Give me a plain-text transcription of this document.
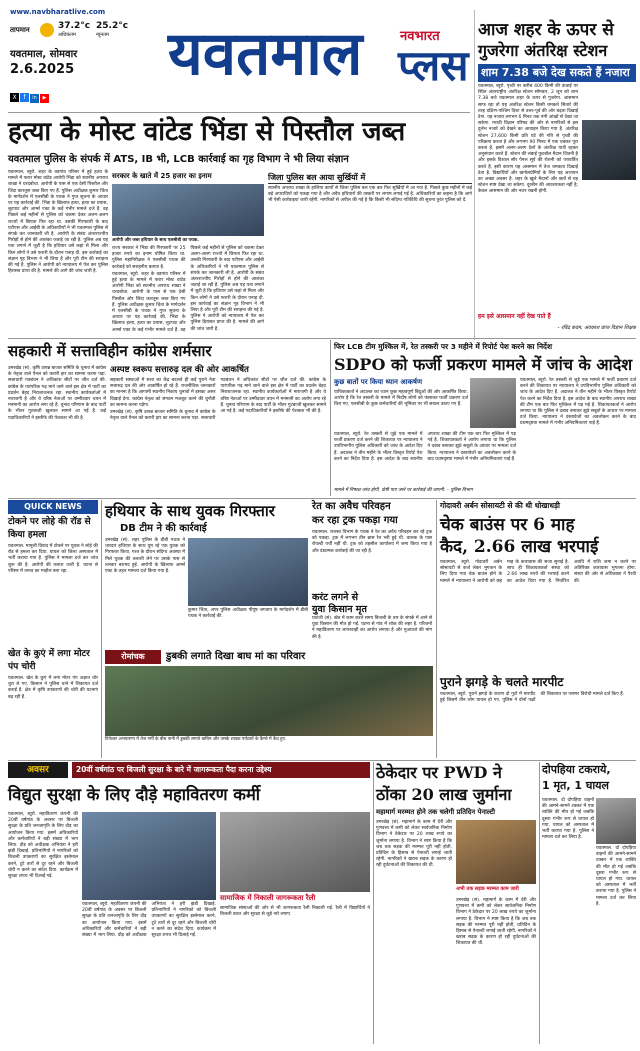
www.navbharatlive.com
तापमान	37.2°c
अधिकतम
25.2°c
न्यूनतम
यवतमाल, सोमवार
2.6.2025
X f in ▶
यवतमाल	नवभारत
प्लस
आज शहर के ऊपर से
गुजरेगा अंतरिक्ष स्टेशन
शाम 7.38 बजे देख सकते हैं नजारा

यवतमाल, ब्यूरो. पृथ्वी पर करीब 400 किमी की ऊंचाई पर स्थित अंतरराष्ट्रीय अंतरिक्ष स्टेशन सोमवार, 2 जून को शाम 7.38 बजे यवतमाल शहर के ऊपर से गुजरेगा. आसमान साफ रहा तो यह अंतरिक्ष स्टेशन किसी चमकते सितारे की तरह दक्षिण-पश्चिम दिशा से उत्तर-पूर्व की ओर बढ़ता दिखाई देगा. यह नजारा लगभग 6 मिनट तक नंगी आंखों से देखा जा सकेगा. मराठी विज्ञान परिषद की ओर से नागरिकों से इस दुर्लभ नजारे को देखने का आवाहन किया गया है. अंतरिक्ष स्टेशन 27,600 किमी प्रति घंटे की गति से पृथ्वी की परिक्रमा करता है और लगभग 90 मिनट में एक चक्कर पूरा करता है. इसमें अलग-अलग देशों के अंतरिक्ष यात्री रहकर अनुसंधान करते हैं. स्टेशन की लंबाई फुटबॉल मैदान जितनी है और इसके विशाल सौर पैनल सूर्य की रोशनी को परावर्तित करते हैं, इसी कारण यह आसमान में तेज चमकता दिखाई देता है. विद्यार्थियों और खगोलप्रेमियों के लिए यह अध्ययन का अच्छा अवसर है. शहर के खुले मैदानों और छतों से यह स्टेशन स्पष्ट देखा जा सकेगा. दूरबीन की आवश्यकता नहीं है, केवल आसमान की ओर नजर रखनी होगी.

हम इसे आसमान नहीं देख पाते हैं
- रविंद्र कदम, अवकाश प्राप्त विज्ञान शिक्षक
हत्या के मोस्ट वांटेड भिंडा से पिस्तौल जब्त
यवतमाल पुलिस के संपर्क में ATS, IB भी, LCB कार्रवाई का गृह विभाग ने भी लिया संज्ञान

यवतमाल, ब्यूरो. शहर के वडगांव परिसर में हुई हत्या के मामले में फरार मोस्ट वांटेड आरोपी भिंडा को स्थानीय अपराध शाखा ने धरदबोचा. आरोपी के पास से एक देसी पिस्तौल और जिंदा कारतूस जब्त किए गए हैं. पुलिस अधीक्षक कुमार चिंता के मार्गदर्शन में एलसीबी के पथक ने गुप्त सूचना के आधार पर यह कार्रवाई की. भिंडा के खिलाफ हत्या, हत्या का प्रयास, लूटपाट और आर्म्स एक्ट के कई गंभीर मामले दर्ज हैं. वह पिछले कई महीनों से पुलिस को चकमा देकर अलग-अलग राज्यों में छिपता फिर रहा था. उसकी गिरफ्तारी के बाद एटीएस और आईबी के अधिकारियों ने भी यवतमाल पुलिस से संपर्क कर जानकारी ली है. आरोपी के संबंध अंतरराज्यीय गिरोहों से होने की आशंका जताई जा रही है. पुलिस अब यह पता लगाने में जुटी है कि हथियार उसे कहां से मिला और किन लोगों ने उसे फरारी के दौरान पनाह दी. इस कार्रवाई का संज्ञान गृह विभाग ने भी लिया है और पूरी टीम की सराहना की गई है. पुलिस ने आरोपी को न्यायालय में पेश कर पुलिस हिरासत प्राप्त की है. मामले की आगे की जांच जारी है.

सरकार के खाते में 25 हजार का इनाम
आरोपी और जब्त हथियार के साथ एलसीबी का पथक.

राज्य सरकार ने भिंडा की गिरफ्तारी पर 25 हजार रुपये का इनाम घोषित किया था. पुलिस महानिरीक्षक ने एलसीबी पथक की कार्रवाई को सराहनीय बताया है.

यवतमाल, ब्यूरो. शहर के वडगांव परिसर में हुई हत्या के मामले में फरार मोस्ट वांटेड आरोपी भिंडा को स्थानीय अपराध शाखा ने धरदबोचा. आरोपी के पास से एक देसी पिस्तौल और जिंदा कारतूस जब्त किए गए हैं. पुलिस अधीक्षक कुमार चिंता के मार्गदर्शन में एलसीबी के पथक ने गुप्त सूचना के आधार पर यह कार्रवाई की. भिंडा के खिलाफ हत्या, हत्या का प्रयास, लूटपाट और आर्म्स एक्ट के कई गंभीर मामले दर्ज हैं. वह पिछले कई महीनों से पुलिस को चकमा देकर अलग-अलग राज्यों में छिपता फिर रहा था. उसकी गिरफ्तारी के बाद एटीएस और आईबी के अधिकारियों ने भी यवतमाल पुलिस से संपर्क कर जानकारी ली है. आरोपी के संबंध अंतरराज्यीय गिरोहों से होने की आशंका जताई जा रही है. पुलिस अब यह पता लगाने में जुटी है कि हथियार उसे कहां से मिला और किन लोगों ने उसे फरारी के दौरान पनाह दी. इस कार्रवाई का संज्ञान गृह विभाग ने भी लिया है और पूरी टीम की सराहना की गई है. पुलिस ने आरोपी को न्यायालय में पेश कर पुलिस हिरासत प्राप्त की है. मामले की आगे की जांच जारी है.

जिला पुलिस बल आया सुर्खियों में

स्थानीय अपराध शाखा के हालिया कार्यों से जिला पुलिस बल एक बार फिर सुर्खियों में आ गया है. पिछले कुछ महीनों में कई बड़े अपराधियों को पकड़ा गया है और अवैध हथियारों की तस्करी पर लगाम लगाई गई है. अधिकारियों का कहना है कि आगे भी ऐसी कार्रवाइयां जारी रहेंगी. नागरिकों से अपील की गई है कि किसी भी संदिग्ध गतिविधि की सूचना तुरंत पुलिस को दें.

सहकारी में सत्ताविहीन कांग्रेस शर्मसार

उमरखेड़ (सं). कृषि उत्पन्न बाजार समिति के चुनाव में कांग्रेस के नेतृत्व वाले पैनल को करारी हार का सामना करना पड़ा. सत्ताधारी गठबंधन ने अधिकांश सीटों पर जीत दर्ज की. कांग्रेस के पारंपरिक गढ़ माने जाने वाले इस क्षेत्र में पार्टी का प्रदर्शन बेहद निराशाजनक रहा. स्थानीय कार्यकर्ताओं में नाराजगी है और वे वरिष्ठ नेताओं पर उम्मीदवार चयन में मनमानी का आरोप लगा रहे हैं. चुनाव परिणाम के बाद पार्टी के भीतर गुटबाजी खुलकर सामने आ गई है. कई पदाधिकारियों ने इस्तीफे की पेशकश भी की है.

अस्पष्ट स्वरूप सत्तारुढ़ दल की ओर आकर्षित

सहकारी संस्थाओं में सत्ता का केंद्र बदलते ही कई पुराने नेता सत्तारुढ़ दल की ओर आकर्षित हो रहे हैं. राजनीतिक जानकारों का मानना है कि आगामी स्थानीय निकाय चुनावों में इसका असर दिखाई देगा. कांग्रेस नेतृत्व को संगठन मजबूत करने की चुनौती का सामना करना पड़ेगा.

उमरखेड़ (सं). कृषि उत्पन्न बाजार समिति के चुनाव में कांग्रेस के नेतृत्व वाले पैनल को करारी हार का सामना करना पड़ा. सत्ताधारी गठबंधन ने अधिकांश सीटों पर जीत दर्ज की. कांग्रेस के पारंपरिक गढ़ माने जाने वाले इस क्षेत्र में पार्टी का प्रदर्शन बेहद निराशाजनक रहा. स्थानीय कार्यकर्ताओं में नाराजगी है और वे वरिष्ठ नेताओं पर उम्मीदवार चयन में मनमानी का आरोप लगा रहे हैं. चुनाव परिणाम के बाद पार्टी के भीतर गुटबाजी खुलकर सामने आ गई है. कई पदाधिकारियों ने इस्तीफे की पेशकश भी की है.

फिर LCB टीम मुश्किल में, रेत तस्करी पर 3 महीने में रिपोर्ट पेश करने का निर्देश
SDPO को फर्जी प्रकरण मामले में जांच के आदेश
कुछ बातों पर किया ध्यान आकर्षण

याचिकाकर्ता ने अदालत का ध्यान कुछ महत्वपूर्ण बिंदुओं की ओर आकर्षित किया. आरोप है कि रेत तस्करी के मामले में निर्दोष लोगों को फंसाकर फर्जी प्रकरण दर्ज किए गए. एलसीबी के कुछ कर्मचारियों की भूमिका पर भी सवाल उठाए गए हैं.

यवतमाल, ब्यूरो. रेत तस्करी से जुड़े एक मामले में फर्जी प्रकरण दर्ज करने की शिकायत पर न्यायालय ने उपविभागीय पुलिस अधिकारी को जांच के आदेश दिए हैं. अदालत ने तीन महीने के भीतर विस्तृत रिपोर्ट पेश करने का निर्देश दिया है. इस आदेश के बाद स्थानीय अपराध शाखा की टीम एक बार फिर मुश्किल में पड़ गई है. शिकायतकर्ता ने आरोप लगाया था कि पुलिस ने दबाव बनाकर झूठे सबूतों के आधार पर मामला दर्ज किया. न्यायालय ने दस्तावेजों का अवलोकन करने के बाद प्रथमदृष्टया मामले में गंभीर अनियमितताएं पाई हैं.

यवतमाल, ब्यूरो. रेत तस्करी से जुड़े एक मामले में फर्जी प्रकरण दर्ज करने की शिकायत पर न्यायालय ने उपविभागीय पुलिस अधिकारी को जांच के आदेश दिए हैं. अदालत ने तीन महीने के भीतर विस्तृत रिपोर्ट पेश करने का निर्देश दिया है. इस आदेश के बाद स्थानीय अपराध शाखा की टीम एक बार फिर मुश्किल में पड़ गई है. शिकायतकर्ता ने आरोप लगाया था कि पुलिस ने दबाव बनाकर झूठे सबूतों के आधार पर मामला दर्ज किया. न्यायालय ने दस्तावेजों का अवलोकन करने के बाद प्रथमदृष्टया मामले में गंभीर अनियमितताएं पाई हैं.

मामले में निष्पक्ष जांच होगी, दोषी पाए जाने पर कार्रवाई की जाएगी. – पुलिस विभाग
QUICK NEWS
टोकने पर लोहे की रॉड से किया हमला

यवतमाल. मामूली विवाद में टोकने पर युवक ने लोहे की रॉड से हमला कर दिया. घायल को जिला अस्पताल में भर्ती कराया गया है. पुलिस ने मामला दर्ज कर जांच शुरू की है. आरोपी की तलाश जारी है. घटना से परिसर में तनाव का माहौल बना रहा.

खेत के कुएं में लगा मोटर पंप चोरी

यवतमाल. खेत के कुएं में लगा मोटर पंप अज्ञात चोर चुरा ले गए. किसान ने पुलिस थाने में शिकायत दर्ज कराई है. क्षेत्र में कृषि उपकरणों की चोरी की घटनाएं बढ़ रही हैं.

हथियार के साथ युवक गिरफ्तार
DB टीम ने की कार्रवाई

उमरखेड़ (सं). शहर पुलिस के डीबी पथक ने धारदार हथियार के साथ घूम रहे एक युवक को गिरफ्तार किया. गश्त के दौरान संदिग्ध अवस्था में मिले युवक की तलाशी लेने पर उसके पास से तलवार बरामद हुई. आरोपी के खिलाफ आर्म्स एक्ट के तहत मामला दर्ज किया गया है.

कुमार चिंता, अपर पुलिस अधीक्षक पीयूष जगताप के मार्गदर्शन में डीबी पथक ने कार्रवाई की.

रेत का अवैध परिवहन
कर रहा ट्रक पकड़ा गया

यवतमाल. राजस्व विभाग के पथक ने रेत का अवैध परिवहन कर रहे ट्रक को पकड़ा. ट्रक में लगभग तीन ब्रास रेत भरी हुई थी. चालक के पास रॉयल्टी पर्ची नहीं थी. ट्रक को तहसील कार्यालय में जमा किया गया है और दंडात्मक कार्रवाई की जा रही है.

रोमांचक	डुबकी लगाते दिखा बाघ मां का परिवार
टिपेश्वर अभयारण्य में तेज गर्मी के बीच पानी में डुबकी लगाते बाघिन और उसके शावक पर्यटकों के कैमरे में कैद हुए.
गोदावरी अर्बन सोसायटी से की थी धोखाधड़ी
चेक बाउंस पर 6 माह
कैद, 2.66 लाख भरपाई

यवतमाल, ब्यूरो. गोदावरी अर्बन सोसायटी से कर्ज लेकर भुगतान के लिए दिया गया चेक बाउंस होने के मामले में न्यायालय ने आरोपी को छह माह के कारावास की सजा सुनाई है. साथ ही शिकायतकर्ता संस्था को 2.66 लाख रुपये की भरपाई करने का आदेश दिया गया है. निर्धारित अवधि में राशि जमा न करने पर अतिरिक्त कारावास भुगतना होगा. संस्था की ओर से अधिवक्ता ने पैरवी की.

पुराने झगड़े के चलते मारपीट

यवतमाल, ब्यूरो. पुराने झगड़े के कारण दो गुटों में मारपीट हुई जिसमें तीन लोग घायल हो गए. पुलिस ने दोनों पक्षों की शिकायत पर परस्पर विरोधी मामले दर्ज किए हैं.

अवसर	20वीं वर्षगांठ पर बिजली सुरक्षा के बारे में जागरूकता पैदा करना उद्देश्य
विद्युत सुरक्षा के लिए दौड़े महावितरण कर्मी

यवतमाल, ब्यूरो. महावितरण कंपनी की 20वीं वर्षगांठ के अवसर पर बिजली सुरक्षा के प्रति जनजागृति के लिए दौड़ का आयोजन किया गया. इसमें अधिकारियों और कर्मचारियों ने बड़ी संख्या में भाग लिया. दौड़ को अधीक्षक अभियंता ने हरी झंडी दिखाई. प्रतिभागियों ने नागरिकों को बिजली उपकरणों का सुरक्षित इस्तेमाल करने, टूटे तारों से दूर रहने और बिजली चोरी न करने का संदेश दिया. कार्यक्रम में सुरक्षा शपथ भी दिलाई गई.

यवतमाल, ब्यूरो. महावितरण कंपनी की 20वीं वर्षगांठ के अवसर पर बिजली सुरक्षा के प्रति जनजागृति के लिए दौड़ का आयोजन किया गया. इसमें अधिकारियों और कर्मचारियों ने बड़ी संख्या में भाग लिया. दौड़ को अधीक्षक अभियंता ने हरी झंडी दिखाई. प्रतिभागियों ने नागरिकों को बिजली उपकरणों का सुरक्षित इस्तेमाल करने, टूटे तारों से दूर रहने और बिजली चोरी न करने का संदेश दिया. कार्यक्रम में सुरक्षा शपथ भी दिलाई गई.

सामाजिक में निकाली जागरूकता रैली

सामाजिक संस्थाओं की ओर से भी जागरूकता रैली निकाली गई. रैली में विद्यार्थियों ने बिजली बचत और सुरक्षा से जुड़े नारे लगाए.

ठेकेदार पर PWD ने
ठोंका 20 लाख जुर्माना
महामार्ग मरम्मत होने तक चलेगी प्रतिदिन पेनाल्टी

उमरखेड़ (सं). महामार्ग के काम में देरी और गुणवत्ता में कमी को लेकर सार्वजनिक निर्माण विभाग ने ठेकेदार पर 20 लाख रुपये का जुर्माना लगाया है. विभाग ने स्पष्ट किया है कि जब तक सड़क की मरम्मत पूरी नहीं होती, प्रतिदिन के हिसाब से पेनाल्टी लगाई जाती रहेगी. नागरिकों ने खराब सड़क के कारण हो रही दुर्घटनाओं की शिकायत की थी.

अभी तक सड़क मरम्मत काम जारी

उमरखेड़ (सं). महामार्ग के काम में देरी और गुणवत्ता में कमी को लेकर सार्वजनिक निर्माण विभाग ने ठेकेदार पर 20 लाख रुपये का जुर्माना लगाया है. विभाग ने स्पष्ट किया है कि जब तक सड़क की मरम्मत पूरी नहीं होती, प्रतिदिन के हिसाब से पेनाल्टी लगाई जाती रहेगी. नागरिकों ने खराब सड़क के कारण हो रही दुर्घटनाओं की शिकायत की थी.

दोपहिया टकराये,
1 मृत, 1 घायल

यवतमाल. दो दोपहिया वाहनों की आमने-सामने टक्कर में एक व्यक्ति की मौत हो गई जबकि दूसरा गंभीर रूप से घायल हो गया. घायल को अस्पताल में भर्ती कराया गया है. पुलिस ने मामला दर्ज कर लिया है.

यवतमाल. दो दोपहिया वाहनों की आमने-सामने टक्कर में एक व्यक्ति की मौत हो गई जबकि दूसरा गंभीर रूप से घायल हो गया. घायल को अस्पताल में भर्ती कराया गया है. पुलिस ने मामला दर्ज कर लिया है.

करंट लगने से
युवा किसान मृत

घाटंजी (सं). खेत में काम करते समय बिजली के तार के संपर्क में आने से युवा किसान की मौत हो गई. घटना से गांव में शोक की लहर है. परिजनों ने महावितरण पर लापरवाही का आरोप लगाया है और मुआवजे की मांग की है.
